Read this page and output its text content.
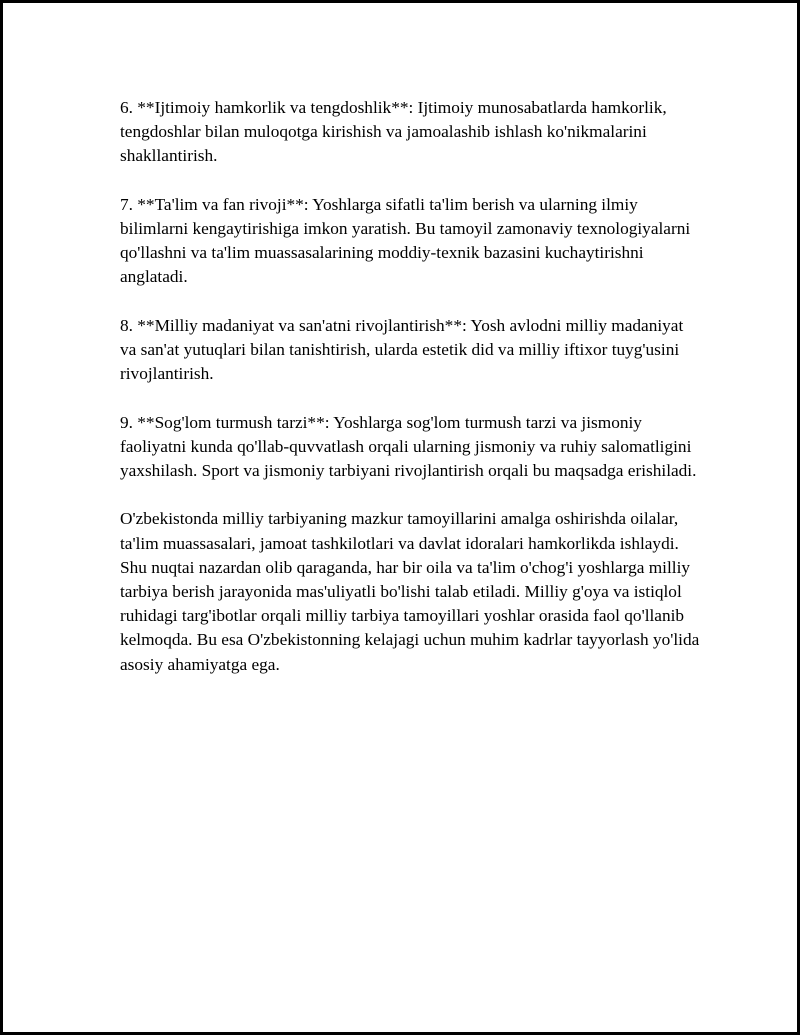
6. **Ijtimoiy hamkorlik va tengdoshlik**: Ijtimoiy munosabatlarda hamkorlik, tengdoshlar bilan muloqotga kirishish va jamoalashib ishlash ko'nikmalarini shakllantirish.

7. **Ta'lim va fan rivoji**: Yoshlarga sifatli ta'lim berish va ularning ilmiy bilimlarni kengaytirishiga imkon yaratish. Bu tamoyil zamonaviy texnologiyalarni qo'llashni va ta'lim muassasalarining moddiy-texnik bazasini kuchaytirishni anglatadi.

8. **Milliy madaniyat va san'atni rivojlantirish**: Yosh avlodni milliy madaniyat va san'at yutuqlari bilan tanishtirish, ularda estetik did va milliy iftixor tuyg'usini rivojlantirish.

9. **Sog'lom turmush tarzi**: Yoshlarga sog'lom turmush tarzi va jismoniy faoliyatni kunda qo'llab-quvvatlash orqali ularning jismoniy va ruhiy salomatligini yaxshilash. Sport va jismoniy tarbiyani rivojlantirish orqali bu maqsadga erishiladi.

O'zbekistonda milliy tarbiyaning mazkur tamoyillarini amalga oshirishda oilalar, ta'lim muassasalari, jamoat tashkilotlari va davlat idoralari hamkorlikda ishlaydi. Shu nuqtai nazardan olib qaraganda, har bir oila va ta'lim o'chog'i yoshlarga milliy tarbiya berish jarayonida mas'uliyatli bo'lishi talab etiladi. Milliy g'oya va istiqlol ruhidagi targ'ibotlar orqali milliy tarbiya tamoyillari yoshlar orasida faol qo'llanib kelmoqda. Bu esa O'zbekistonning kelajagi uchun muhim kadrlar tayyorlash yo'lida asosiy ahamiyatga ega.
